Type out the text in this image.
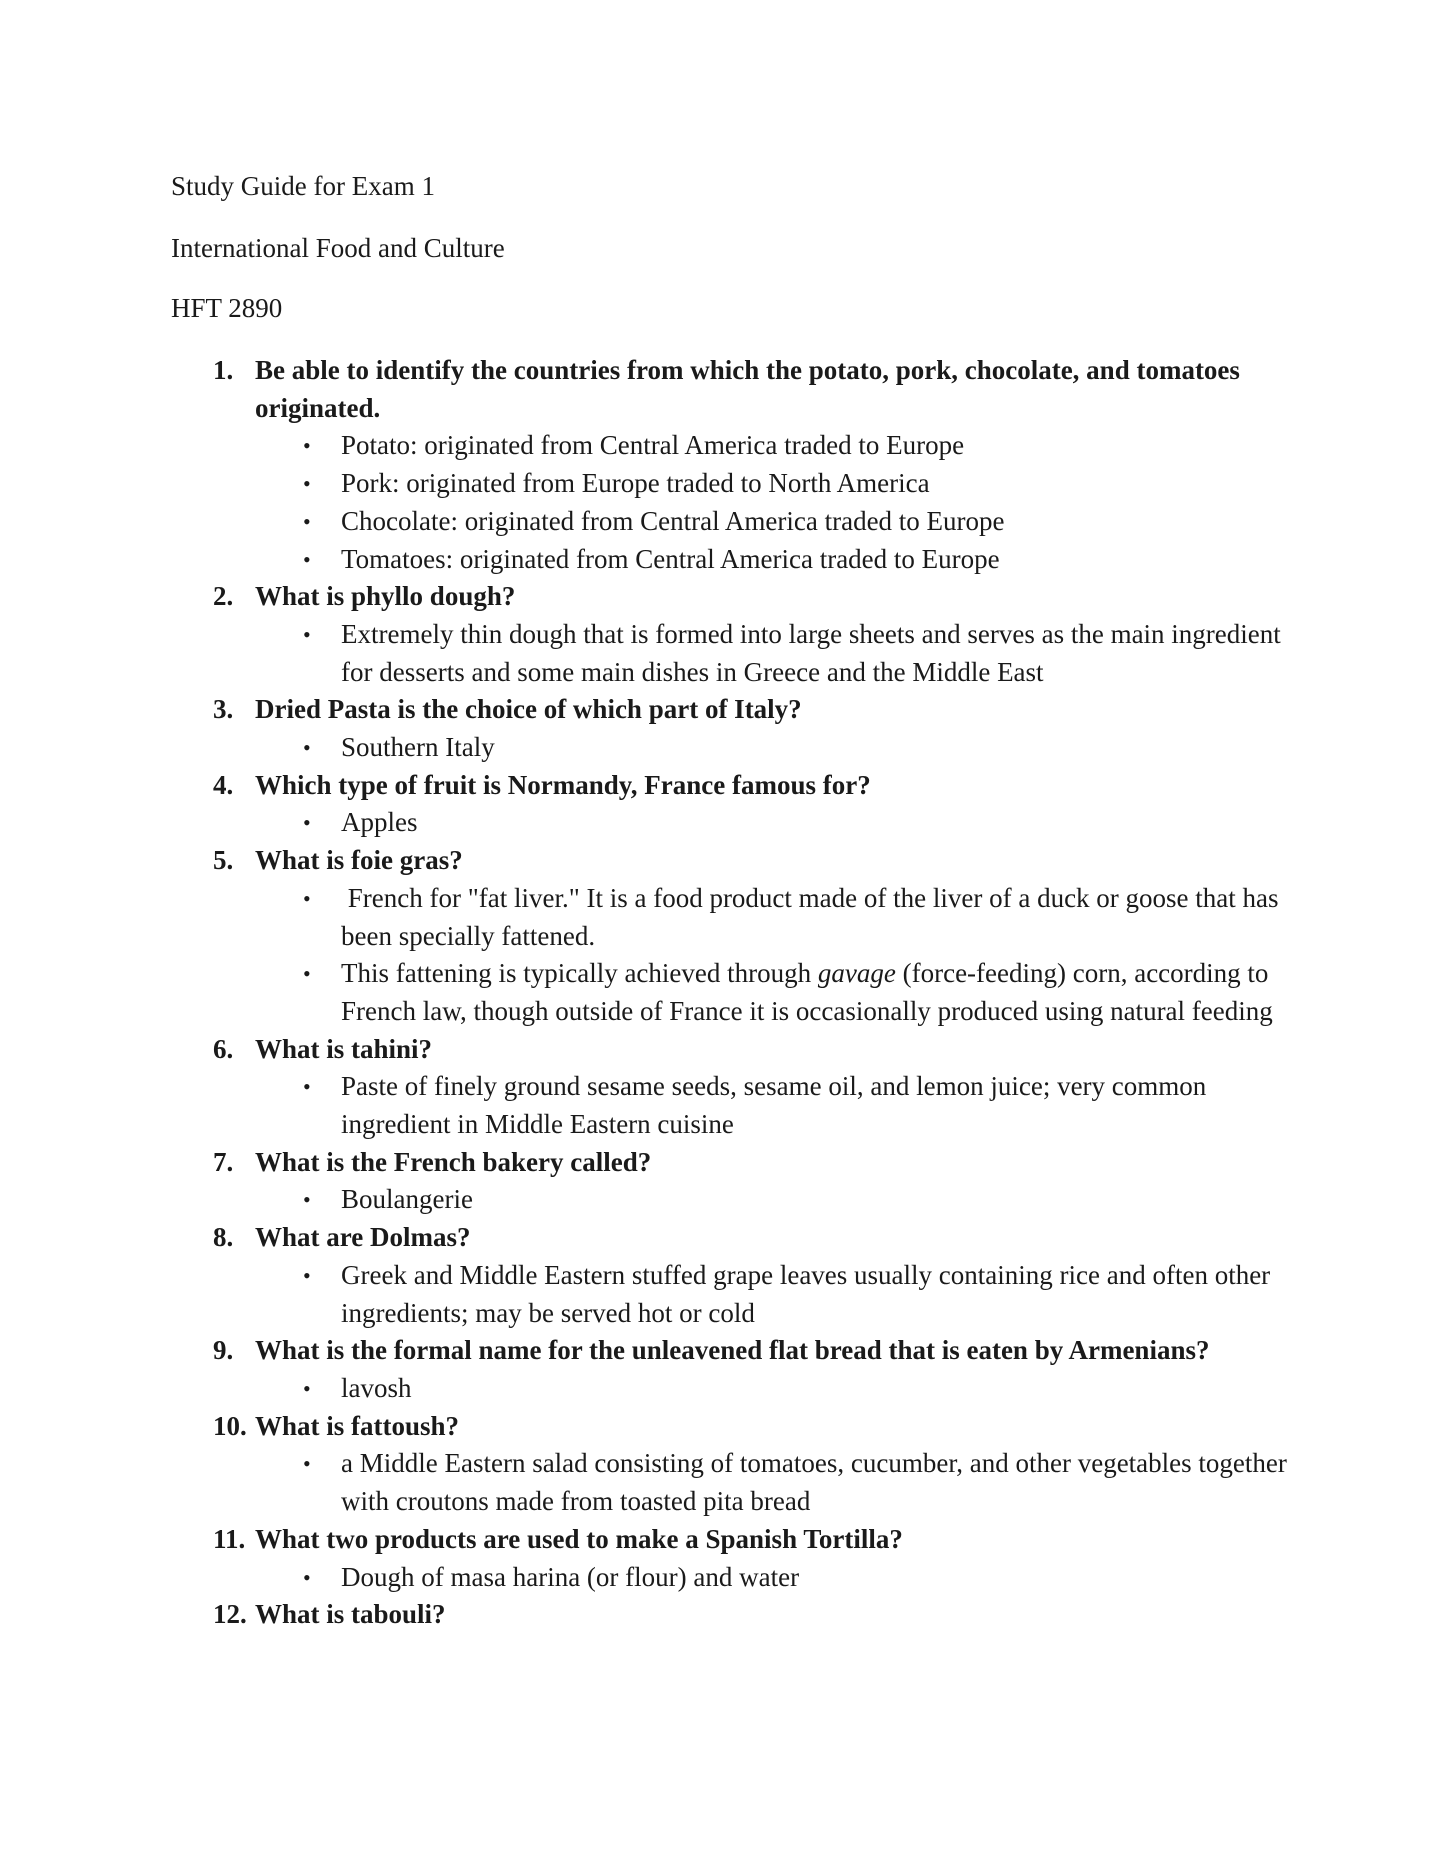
Study Guide for Exam 1
International Food and Culture
HFT 2890
1. Be able to identify the countries from which the potato, pork, chocolate, and tomatoes originated.
• Potato: originated from Central America traded to Europe
• Pork: originated from Europe traded to North America
• Chocolate: originated from Central America traded to Europe
• Tomatoes: originated from Central America traded to Europe
2. What is phyllo dough?
• Extremely thin dough that is formed into large sheets and serves as the main ingredient for desserts and some main dishes in Greece and the Middle East
3. Dried Pasta is the choice of which part of Italy?
• Southern Italy
4. Which type of fruit is Normandy, France famous for?
• Apples
5. What is foie gras?
• French for "fat liver." It is a food product made of the liver of a duck or goose that has been specially fattened.
• This fattening is typically achieved through gavage (force-feeding) corn, according to French law, though outside of France it is occasionally produced using natural feeding
6. What is tahini?
• Paste of finely ground sesame seeds, sesame oil, and lemon juice; very common ingredient in Middle Eastern cuisine
7. What is the French bakery called?
• Boulangerie
8. What are Dolmas?
• Greek and Middle Eastern stuffed grape leaves usually containing rice and often other ingredients; may be served hot or cold
9. What is the formal name for the unleavened flat bread that is eaten by Armenians?
• lavosh
10. What is fattoush?
• a Middle Eastern salad consisting of tomatoes, cucumber, and other vegetables together with croutons made from toasted pita bread
11. What two products are used to make a Spanish Tortilla?
• Dough of masa harina (or flour) and water
12. What is tabouli?
